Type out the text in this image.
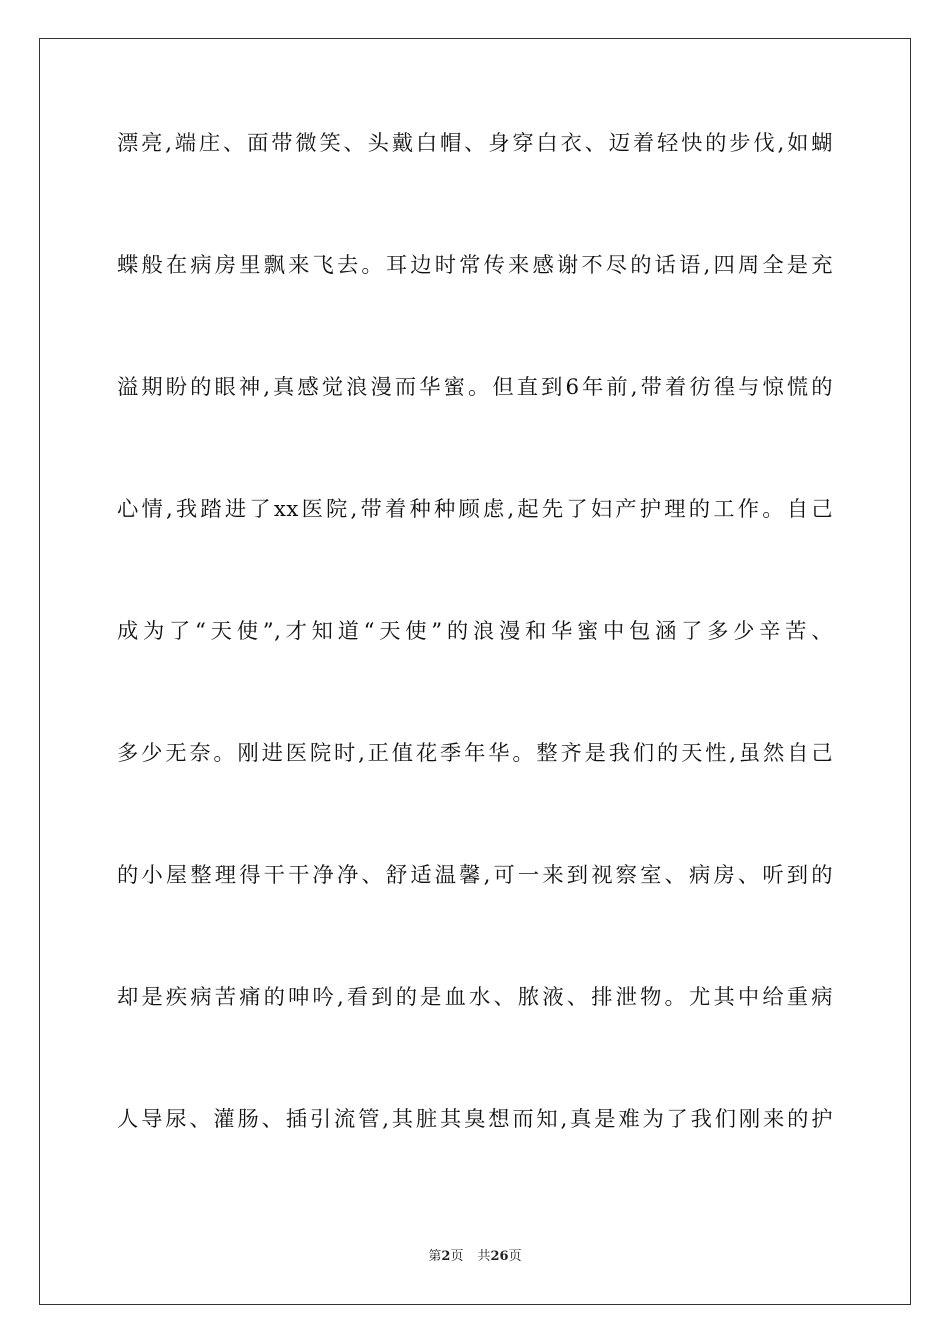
漂亮,端庄、面带微笑、头戴白帽、身穿白衣、迈着轻快的步伐,如蝴
蝶般在病房里飘来飞去。耳边时常传来感谢不尽的话语,四周全是充
溢期盼的眼神,真感觉浪漫而华蜜。但直到6年前,带着彷徨与惊慌的
心情,我踏进了xx医院,带着种种顾虑,起先了妇产护理的工作。自己
成为了“天使”,才知道“天使”的浪漫和华蜜中包涵了多少辛苦、
多少无奈。刚进医院时,正值花季年华。整齐是我们的天性,虽然自己
的小屋整理得干干净净、舒适温馨,可一来到视察室、病房、听到的
却是疾病苦痛的呻吟,看到的是血水、脓液、排泄物。尤其中给重病
人导尿、灌肠、插引流管,其脏其臭想而知,真是难为了我们刚来的护
第2页 共26页
